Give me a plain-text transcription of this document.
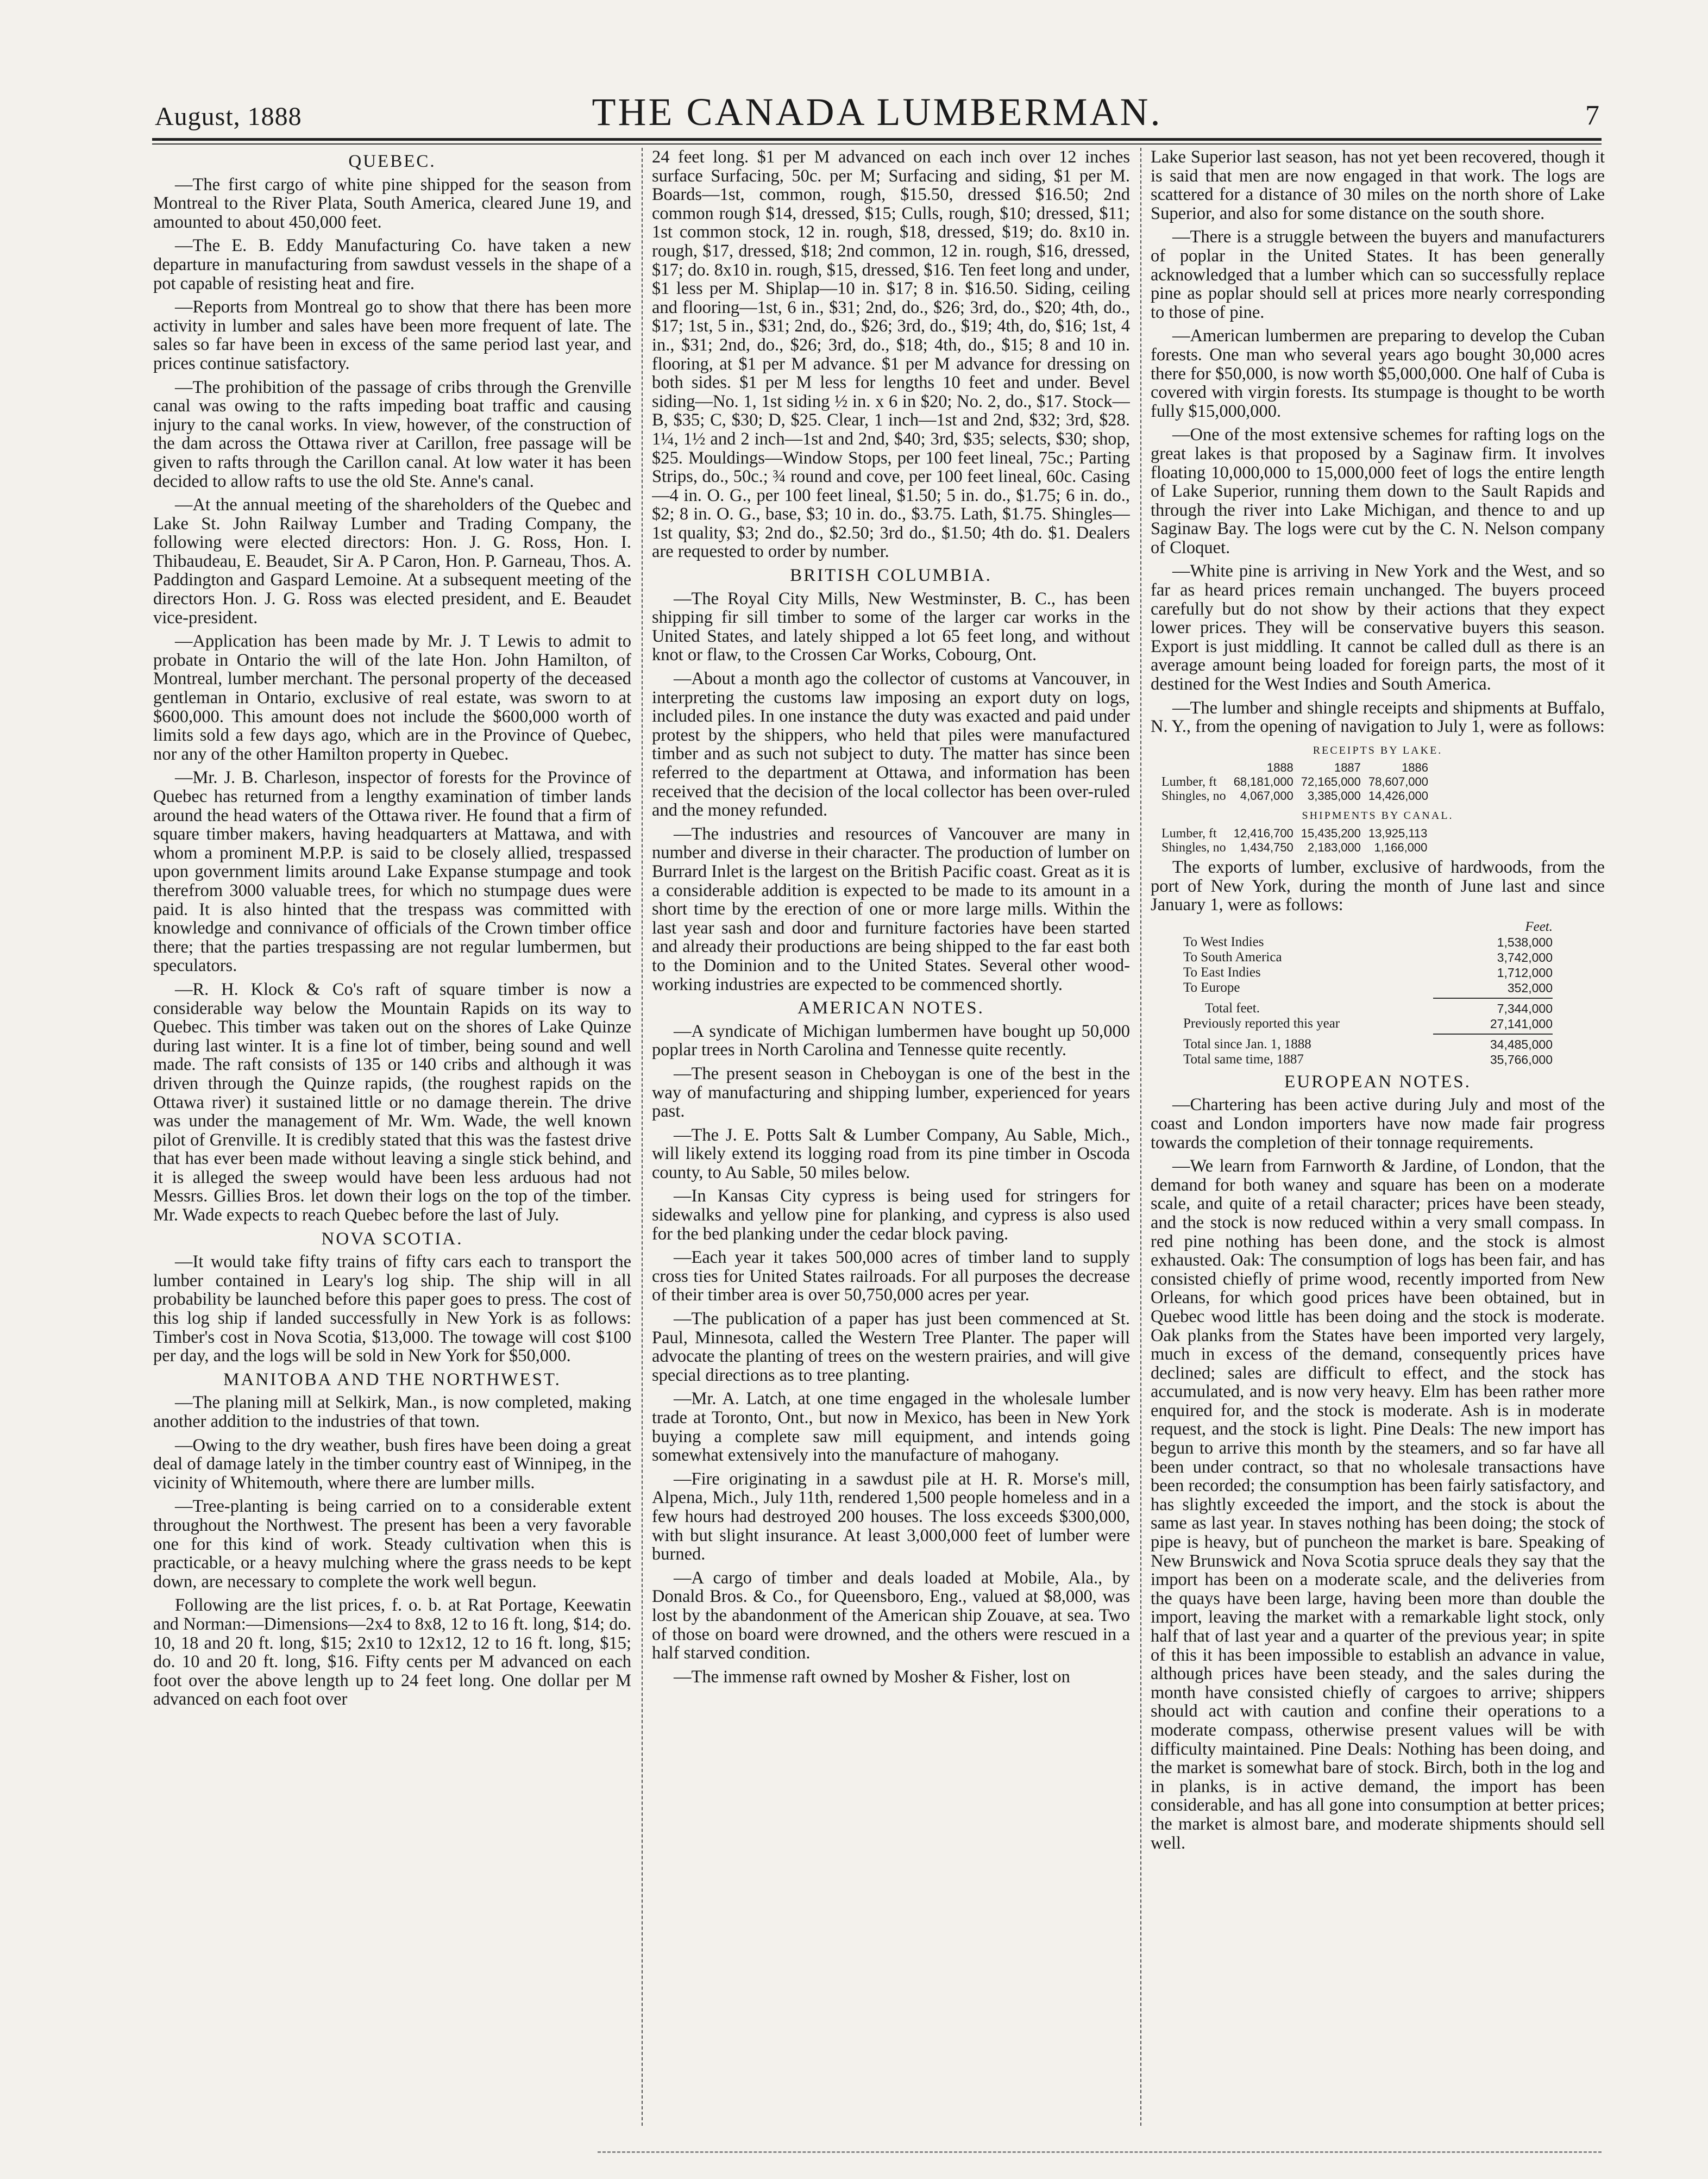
August, 1888	THE CANADA LUMBERMAN.	7
QUEBEC.

—The first cargo of white pine shipped for the season from Montreal to the River Plata, South America, cleared June 19, and amounted to about 450,000 feet.

—The E. B. Eddy Manufacturing Co. have taken a new departure in manufacturing from sawdust vessels in the shape of a pot capable of resisting heat and fire.

—Reports from Montreal go to show that there has been more activity in lumber and sales have been more frequent of late. The sales so far have been in excess of the same period last year, and prices continue satisfactory.

—The prohibition of the passage of cribs through the Grenville canal was owing to the rafts impeding boat traffic and causing injury to the canal works. In view, however, of the construction of the dam across the Ottawa river at Carillon, free passage will be given to rafts through the Carillon canal. At low water it has been decided to allow rafts to use the old Ste. Anne's canal.

—At the annual meeting of the shareholders of the Quebec and Lake St. John Railway Lumber and Trading Company, the following were elected directors: Hon. J. G. Ross, Hon. I. Thibaudeau, E. Beaudet, Sir A. P Caron, Hon. P. Garneau, Thos. A. Paddington and Gaspard Lemoine. At a subsequent meeting of the directors Hon. J. G. Ross was elected president, and E. Beaudet vice-president.

—Application has been made by Mr. J. T Lewis to admit to probate in Ontario the will of the late Hon. John Hamilton, of Montreal, lumber merchant. The personal property of the deceased gentleman in Ontario, exclusive of real estate, was sworn to at $600,000. This amount does not include the $600,000 worth of limits sold a few days ago, which are in the Province of Quebec, nor any of the other Hamilton property in Quebec.

—Mr. J. B. Charleson, inspector of forests for the Province of Quebec has returned from a lengthy examination of timber lands around the head waters of the Ottawa river. He found that a firm of square timber makers, having headquarters at Mattawa, and with whom a prominent M.P.P. is said to be closely allied, trespassed upon government limits around Lake Expanse stumpage and took therefrom 3000 valuable trees, for which no stumpage dues were paid. It is also hinted that the trespass was committed with knowledge and connivance of officials of the Crown timber office there; that the parties trespassing are not regular lumbermen, but speculators.

—R. H. Klock & Co's raft of square timber is now a considerable way below the Mountain Rapids on its way to Quebec. This timber was taken out on the shores of Lake Quinze during last winter. It is a fine lot of timber, being sound and well made. The raft consists of 135 or 140 cribs and although it was driven through the Quinze rapids, (the roughest rapids on the Ottawa river) it sustained little or no damage therein. The drive was under the management of Mr. Wm. Wade, the well known pilot of Grenville. It is credibly stated that this was the fastest drive that has ever been made without leaving a single stick behind, and it is alleged the sweep would have been less arduous had not Messrs. Gillies Bros. let down their logs on the top of the timber. Mr. Wade expects to reach Quebec before the last of July.

NOVA SCOTIA.

—It would take fifty trains of fifty cars each to transport the lumber contained in Leary's log ship. The ship will in all probability be launched before this paper goes to press. The cost of this log ship if landed successfully in New York is as follows: Timber's cost in Nova Scotia, $13,000. The towage will cost $100 per day, and the logs will be sold in New York for $50,000.

MANITOBA AND THE NORTHWEST.

—The planing mill at Selkirk, Man., is now completed, making another addition to the industries of that town.

—Owing to the dry weather, bush fires have been doing a great deal of damage lately in the timber country east of Winnipeg, in the vicinity of Whitemouth, where there are lumber mills.

—Tree-planting is being carried on to a considerable extent throughout the Northwest. The present has been a very favorable one for this kind of work. Steady cultivation when this is practicable, or a heavy mulching where the grass needs to be kept down, are necessary to complete the work well begun.

Following are the list prices, f. o. b. at Rat Portage, Keewatin and Norman:—Dimensions—2x4 to 8x8, 12 to 16 ft. long, $14; do. 10, 18 and 20 ft. long, $15; 2x10 to 12x12, 12 to 16 ft. long, $15; do. 10 and 20 ft. long, $16. Fifty cents per M advanced on each foot over the above length up to 24 feet long. One dollar per M advanced on each foot over

24 feet long. $1 per M advanced on each inch over 12 inches surface Surfacing, 50c. per M; Surfacing and siding, $1 per M. Boards—1st, common, rough, $15.50, dressed $16.50; 2nd common rough $14, dressed, $15; Culls, rough, $10; dressed, $11; 1st common stock, 12 in. rough, $18, dressed, $19; do. 8x10 in. rough, $17, dressed, $18; 2nd common, 12 in. rough, $16, dressed, $17; do. 8x10 in. rough, $15, dressed, $16. Ten feet long and under, $1 less per M. Shiplap—10 in. $17; 8 in. $16.50. Siding, ceiling and flooring—1st, 6 in., $31; 2nd, do., $26; 3rd, do., $20; 4th, do., $17; 1st, 5 in., $31; 2nd, do., $26; 3rd, do., $19; 4th, do, $16; 1st, 4 in., $31; 2nd, do., $26; 3rd, do., $18; 4th, do., $15; 8 and 10 in. flooring, at $1 per M advance. $1 per M advance for dressing on both sides. $1 per M less for lengths 10 feet and under. Bevel siding—No. 1, 1st siding ½ in. x 6 in $20; No. 2, do., $17. Stock—B, $35; C, $30; D, $25. Clear, 1 inch—1st and 2nd, $32; 3rd, $28. 1¼, 1½ and 2 inch—1st and 2nd, $40; 3rd, $35; selects, $30; shop, $25. Mouldings—Window Stops, per 100 feet lineal, 75c.; Parting Strips, do., 50c.; ¾ round and cove, per 100 feet lineal, 60c. Casing—4 in. O. G., per 100 feet lineal, $1.50; 5 in. do., $1.75; 6 in. do., $2; 8 in. O. G., base, $3; 10 in. do., $3.75. Lath, $1.75. Shingles—1st quality, $3; 2nd do., $2.50; 3rd do., $1.50; 4th do. $1. Dealers are requested to order by number.

BRITISH COLUMBIA.

—The Royal City Mills, New Westminster, B. C., has been shipping fir sill timber to some of the larger car works in the United States, and lately shipped a lot 65 feet long, and without knot or flaw, to the Crossen Car Works, Cobourg, Ont.

—About a month ago the collector of customs at Vancouver, in interpreting the customs law imposing an export duty on logs, included piles. In one instance the duty was exacted and paid under protest by the shippers, who held that piles were manufactured timber and as such not subject to duty. The matter has since been referred to the department at Ottawa, and information has been received that the decision of the local collector has been over-ruled and the money refunded.

—The industries and resources of Vancouver are many in number and diverse in their character. The production of lumber on Burrard Inlet is the largest on the British Pacific coast. Great as it is a considerable addition is expected to be made to its amount in a short time by the erection of one or more large mills. Within the last year sash and door and furniture factories have been started and already their productions are being shipped to the far east both to the Dominion and to the United States. Several other wood-working industries are expected to be commenced shortly.

AMERICAN NOTES.

—A syndicate of Michigan lumbermen have bought up 50,000 poplar trees in North Carolina and Tennesse quite recently.

—The present season in Cheboygan is one of the best in the way of manufacturing and shipping lumber, experienced for years past.

—The J. E. Potts Salt & Lumber Company, Au Sable, Mich., will likely extend its logging road from its pine timber in Oscoda county, to Au Sable, 50 miles below.

—In Kansas City cypress is being used for stringers for sidewalks and yellow pine for planking, and cypress is also used for the bed planking under the cedar block paving.

—Each year it takes 500,000 acres of timber land to supply cross ties for United States railroads. For all purposes the decrease of their timber area is over 50,750,000 acres per year.

—The publication of a paper has just been commenced at St. Paul, Minnesota, called the Western Tree Planter. The paper will advocate the planting of trees on the western prairies, and will give special directions as to tree planting.

—Mr. A. Latch, at one time engaged in the wholesale lumber trade at Toronto, Ont., but now in Mexico, has been in New York buying a complete saw mill equipment, and intends going somewhat extensively into the manufacture of mahogany.

—Fire originating in a sawdust pile at H. R. Morse's mill, Alpena, Mich., July 11th, rendered 1,500 people homeless and in a few hours had destroyed 200 houses. The loss exceeds $300,000, with but slight insurance. At least 3,000,000 feet of lumber were burned.

—A cargo of timber and deals loaded at Mobile, Ala., by Donald Bros. & Co., for Queensboro, Eng., valued at $8,000, was lost by the abandonment of the American ship Zouave, at sea. Two of those on board were drowned, and the others were rescued in a half starved condition.

—The immense raft owned by Mosher & Fisher, lost on

Lake Superior last season, has not yet been recovered, though it is said that men are now engaged in that work. The logs are scattered for a distance of 30 miles on the north shore of Lake Superior, and also for some distance on the south shore.

—There is a struggle between the buyers and manufacturers of poplar in the United States. It has been generally acknowledged that a lumber which can so successfully replace pine as poplar should sell at prices more nearly corresponding to those of pine.

—American lumbermen are preparing to develop the Cuban forests. One man who several years ago bought 30,000 acres there for $50,000, is now worth $5,000,000. One half of Cuba is covered with virgin forests. Its stumpage is thought to be worth fully $15,000,000.

—One of the most extensive schemes for rafting logs on the great lakes is that proposed by a Saginaw firm. It involves floating 10,000,000 to 15,000,000 feet of logs the entire length of Lake Superior, running them down to the Sault Rapids and through the river into Lake Michigan, and thence to and up Saginaw Bay. The logs were cut by the C. N. Nelson company of Cloquet.

—White pine is arriving in New York and the West, and so far as heard prices remain unchanged. The buyers proceed carefully but do not show by their actions that they expect lower prices. They will be conservative buyers this season. Export is just middling. It cannot be called dull as there is an average amount being loaded for foreign parts, the most of it destined for the West Indies and South America.

—The lumber and shingle receipts and shipments at Buffalo, N. Y., from the opening of navigation to July 1, were as follows:

RECEIPTS BY LAKE.
	1888	1887	1886
Lumber, ft	68,181,000	72,165,000	78,607,000
Shingles, no	4,067,000	3,385,000	14,426,000
SHIPMENTS BY CANAL.
Lumber, ft	12,416,700	15,435,200	13,925,113
Shingles, no	1,434,750	2,183,000	1,166,000

The exports of lumber, exclusive of hardwoods, from the port of New York, during the month of June last and since January 1, were as follows:

Feet.
To West Indies	1,538,000
To South America	3,742,000
To East Indies	1,712,000
To Europe	352,000
Total feet.	7,344,000
Previously reported this year	27,141,000
Total since Jan. 1, 1888	34,485,000
Total same time, 1887	35,766,000
EUROPEAN NOTES.

—Chartering has been active during July and most of the coast and London importers have now made fair progress towards the completion of their tonnage requirements.

—We learn from Farnworth & Jardine, of London, that the demand for both waney and square has been on a moderate scale, and quite of a retail character; prices have been steady, and the stock is now reduced within a very small compass. In red pine nothing has been done, and the stock is almost exhausted. Oak: The consumption of logs has been fair, and has consisted chiefly of prime wood, recently imported from New Orleans, for which good prices have been obtained, but in Quebec wood little has been doing and the stock is moderate. Oak planks from the States have been imported very largely, much in excess of the demand, consequently prices have declined; sales are difficult to effect, and the stock has accumulated, and is now very heavy. Elm has been rather more enquired for, and the stock is moderate. Ash is in moderate request, and the stock is light. Pine Deals: The new import has begun to arrive this month by the steamers, and so far have all been under contract, so that no wholesale transactions have been recorded; the consumption has been fairly satisfactory, and has slightly exceeded the import, and the stock is about the same as last year. In staves nothing has been doing; the stock of pipe is heavy, but of puncheon the market is bare. Speaking of New Brunswick and Nova Scotia spruce deals they say that the import has been on a moderate scale, and the deliveries from the quays have been large, having been more than double the import, leaving the market with a remarkable light stock, only half that of last year and a quarter of the previous year; in spite of this it has been impossible to establish an advance in value, although prices have been steady, and the sales during the month have consisted chiefly of cargoes to arrive; shippers should act with caution and confine their operations to a moderate compass, otherwise present values will be with difficulty maintained. Pine Deals: Nothing has been doing, and the market is somewhat bare of stock. Birch, both in the log and in planks, is in active demand, the import has been considerable, and has all gone into consumption at better prices; the market is almost bare, and moderate shipments should sell well.
